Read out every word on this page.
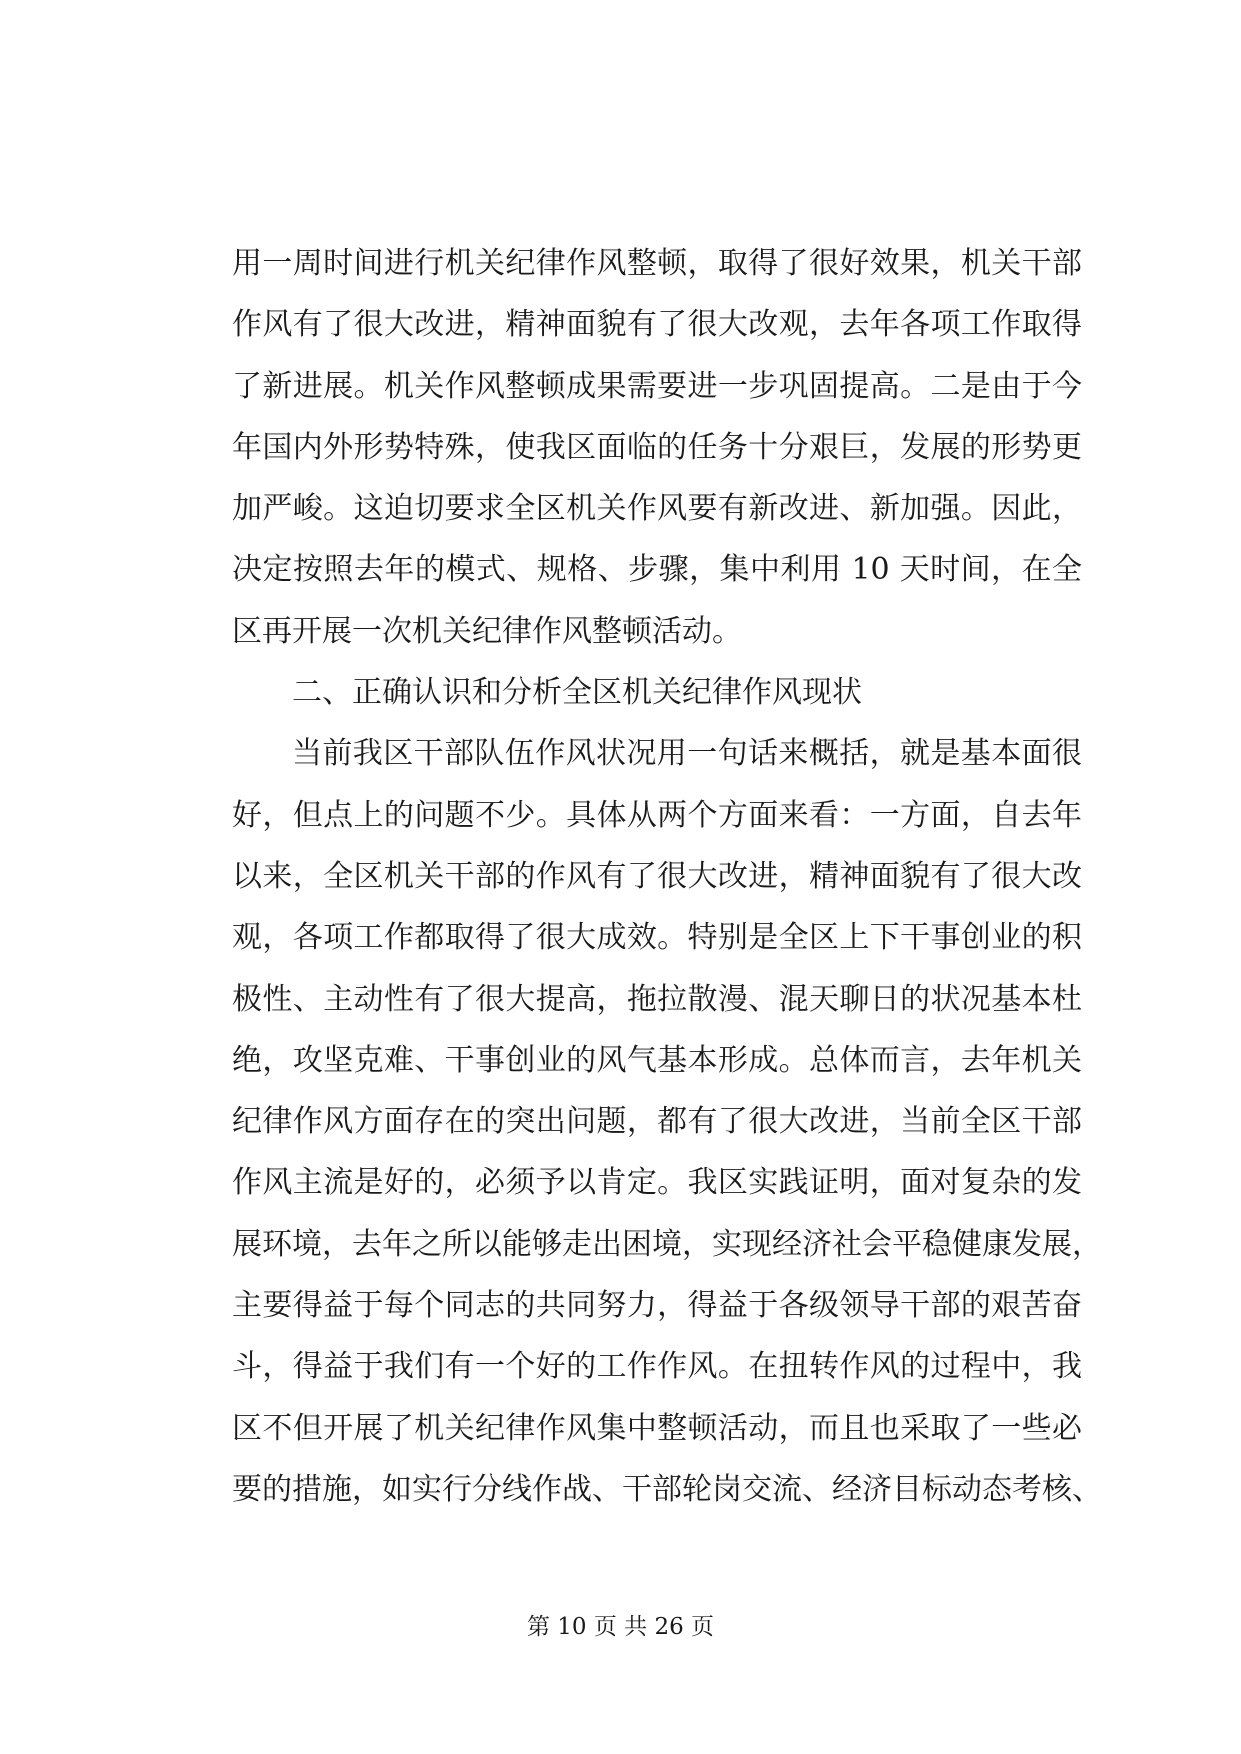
用一周时间进行机关纪律作风整顿，取得了很好效果，机关干部
作风有了很大改进，精神面貌有了很大改观，去年各项工作取得
了新进展。机关作风整顿成果需要进一步巩固提高。二是由于今
年国内外形势特殊，使我区面临的任务十分艰巨，发展的形势更
加严峻。这迫切要求全区机关作风要有新改进、新加强。因此，
决定按照去年的模式、规格、步骤，集中利用 10 天时间，在全
区再开展一次机关纪律作风整顿活动。
二、正确认识和分析全区机关纪律作风现状
当前我区干部队伍作风状况用一句话来概括，就是基本面很
好，但点上的问题不少。具体从两个方面来看：一方面，自去年
以来，全区机关干部的作风有了很大改进，精神面貌有了很大改
观，各项工作都取得了很大成效。特别是全区上下干事创业的积
极性、主动性有了很大提高，拖拉散漫、混天聊日的状况基本杜
绝，攻坚克难、干事创业的风气基本形成。总体而言，去年机关
纪律作风方面存在的突出问题，都有了很大改进，当前全区干部
作风主流是好的，必须予以肯定。我区实践证明，面对复杂的发
展环境，去年之所以能够走出困境，实现经济社会平稳健康发展，
主要得益于每个同志的共同努力，得益于各级领导干部的艰苦奋
斗，得益于我们有一个好的工作作风。在扭转作风的过程中，我
区不但开展了机关纪律作风集中整顿活动，而且也采取了一些必
要的措施，如实行分线作战、干部轮岗交流、经济目标动态考核、
第 10 页 共 26 页
